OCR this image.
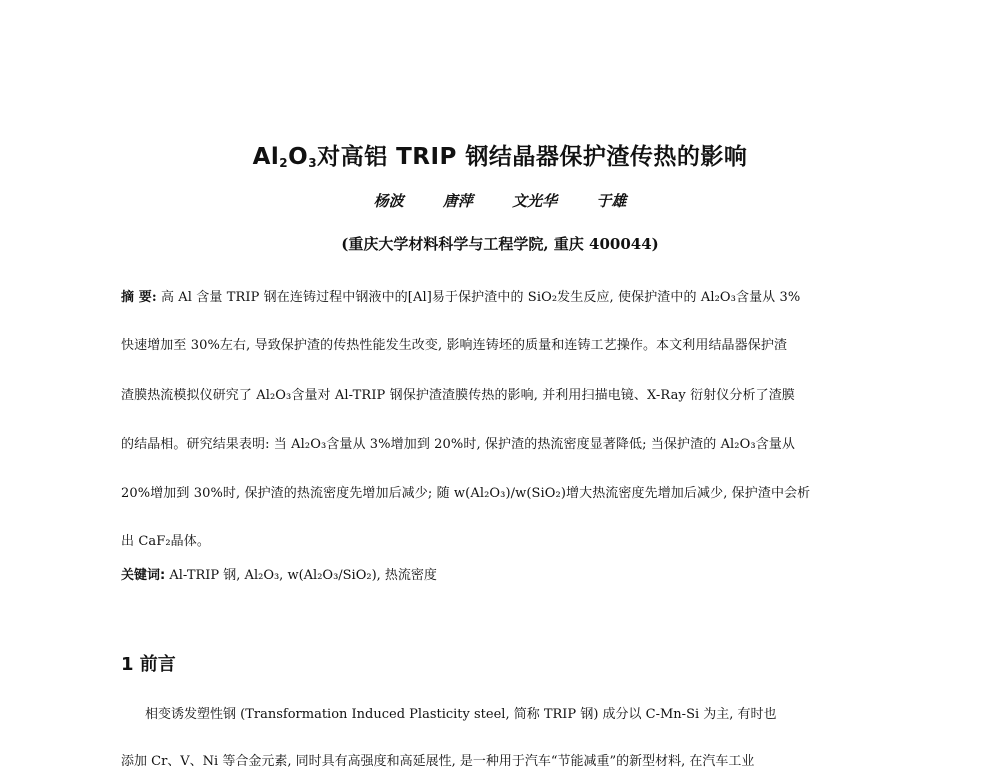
$Al_2O_3$对高铝 TRIP 钢结晶器保护渣传热的影响
杨波	唐萍	文光华	于雄
(重庆大学材料科学与工程学院, 重庆 400044)
摘 要: 高 Al 含量 TRIP 钢在连铸过程中钢液中的[Al]易于保护渣中的 SiO₂发生反应, 使保护渣中的 Al₂O₃含量从 3%
快速增加至 30%左右, 导致保护渣的传热性能发生改变, 影响连铸坯的质量和连铸工艺操作。本文利用结晶器保护渣
渣膜热流模拟仪研究了 Al₂O₃含量对 Al-TRIP 钢保护渣渣膜传热的影响, 并利用扫描电镜、X-Ray 衍射仪分析了渣膜
的结晶相。研究结果表明: 当 Al₂O₃含量从 3%增加到 20%时, 保护渣的热流密度显著降低; 当保护渣的 Al₂O₃含量从
20%增加到 30%时, 保护渣的热流密度先增加后减少; 随 w(Al₂O₃)/w(SiO₂)增大热流密度先增加后减少, 保护渣中会析
出 CaF₂晶体。
关键词: Al-TRIP 钢, Al₂O₃, w(Al₂O₃/SiO₂), 热流密度
1 前言
相变诱发塑性钢 (Transformation Induced Plasticity steel, 简称 TRIP 钢) 成分以 C-Mn-Si 为主, 有时也
添加 Cr、V、Ni 等合金元素, 同时具有高强度和高延展性, 是一种用于汽车“节能减重”的新型材料, 在汽车工业
